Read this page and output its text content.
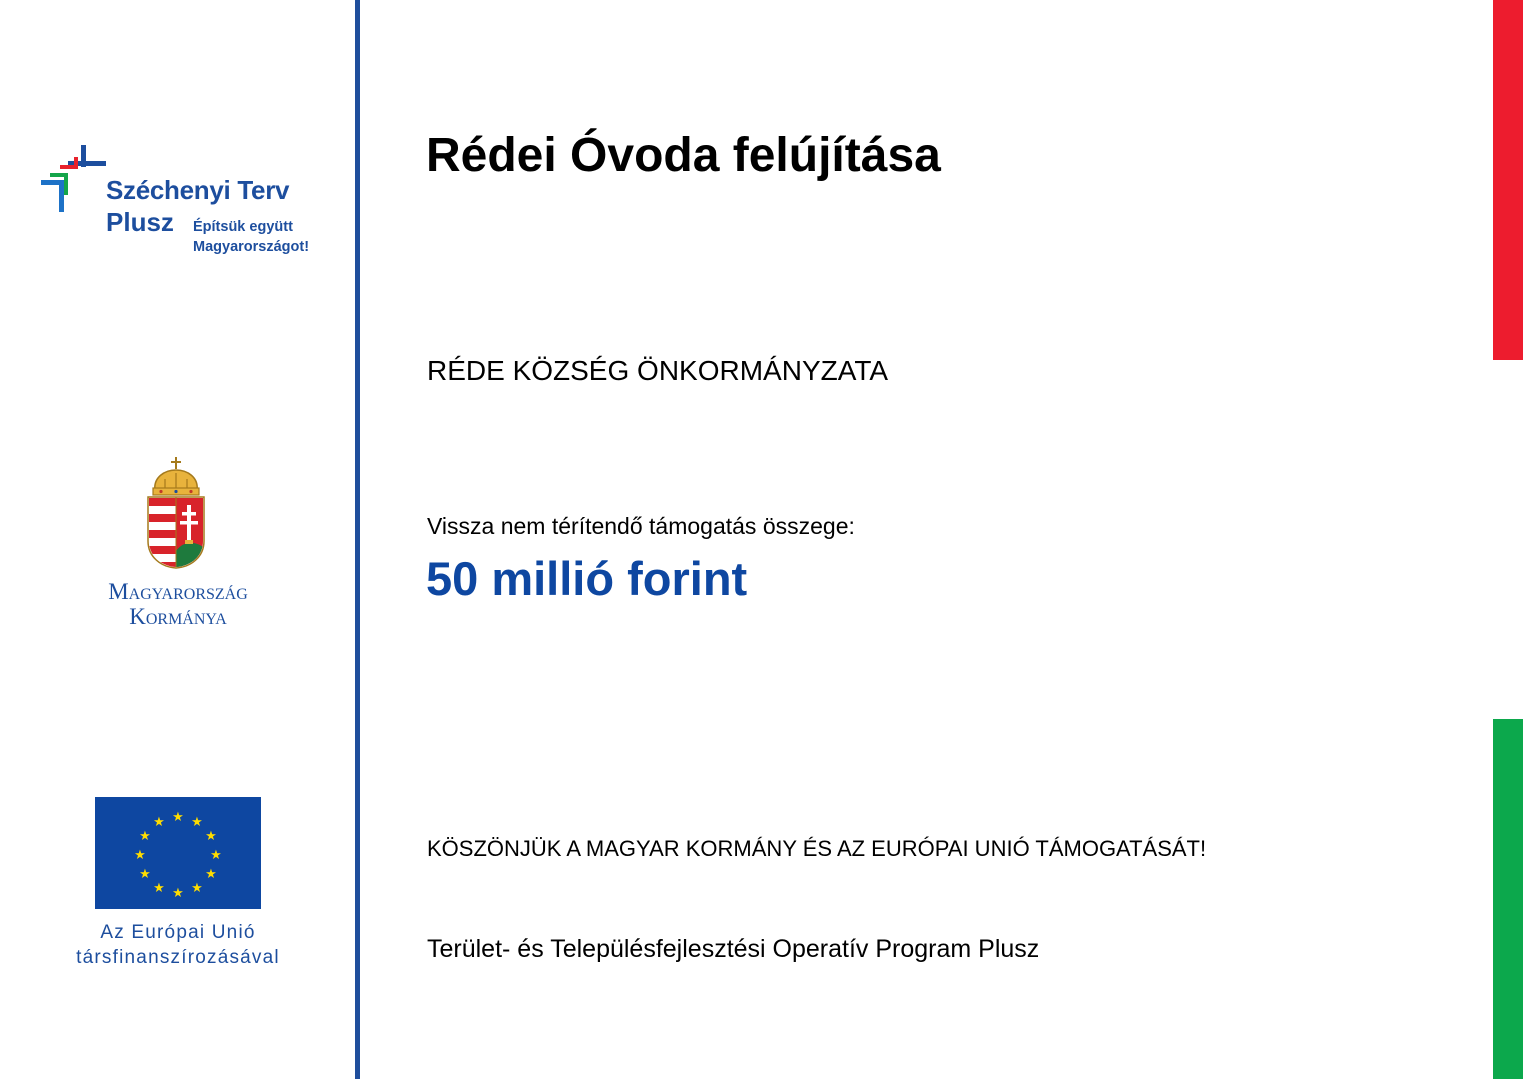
Széchenyi Terv
Plusz Építsük együtt
Magyarországot!
Magyarország
Kormánya
★ ★
★
★
★
★
★
★
★
★
★
★
Az Európai Unió
társfinanszírozásával
Rédei Óvoda felújítása
RÉDE KÖZSÉG ÖNKORMÁNYZATA
Vissza nem térítendő támogatás összege:
50 millió forint
KÖSZÖNJÜK A MAGYAR KORMÁNY ÉS AZ EURÓPAI UNIÓ TÁMOGATÁSÁT!
Terület- és Településfejlesztési Operatív Program Plusz
